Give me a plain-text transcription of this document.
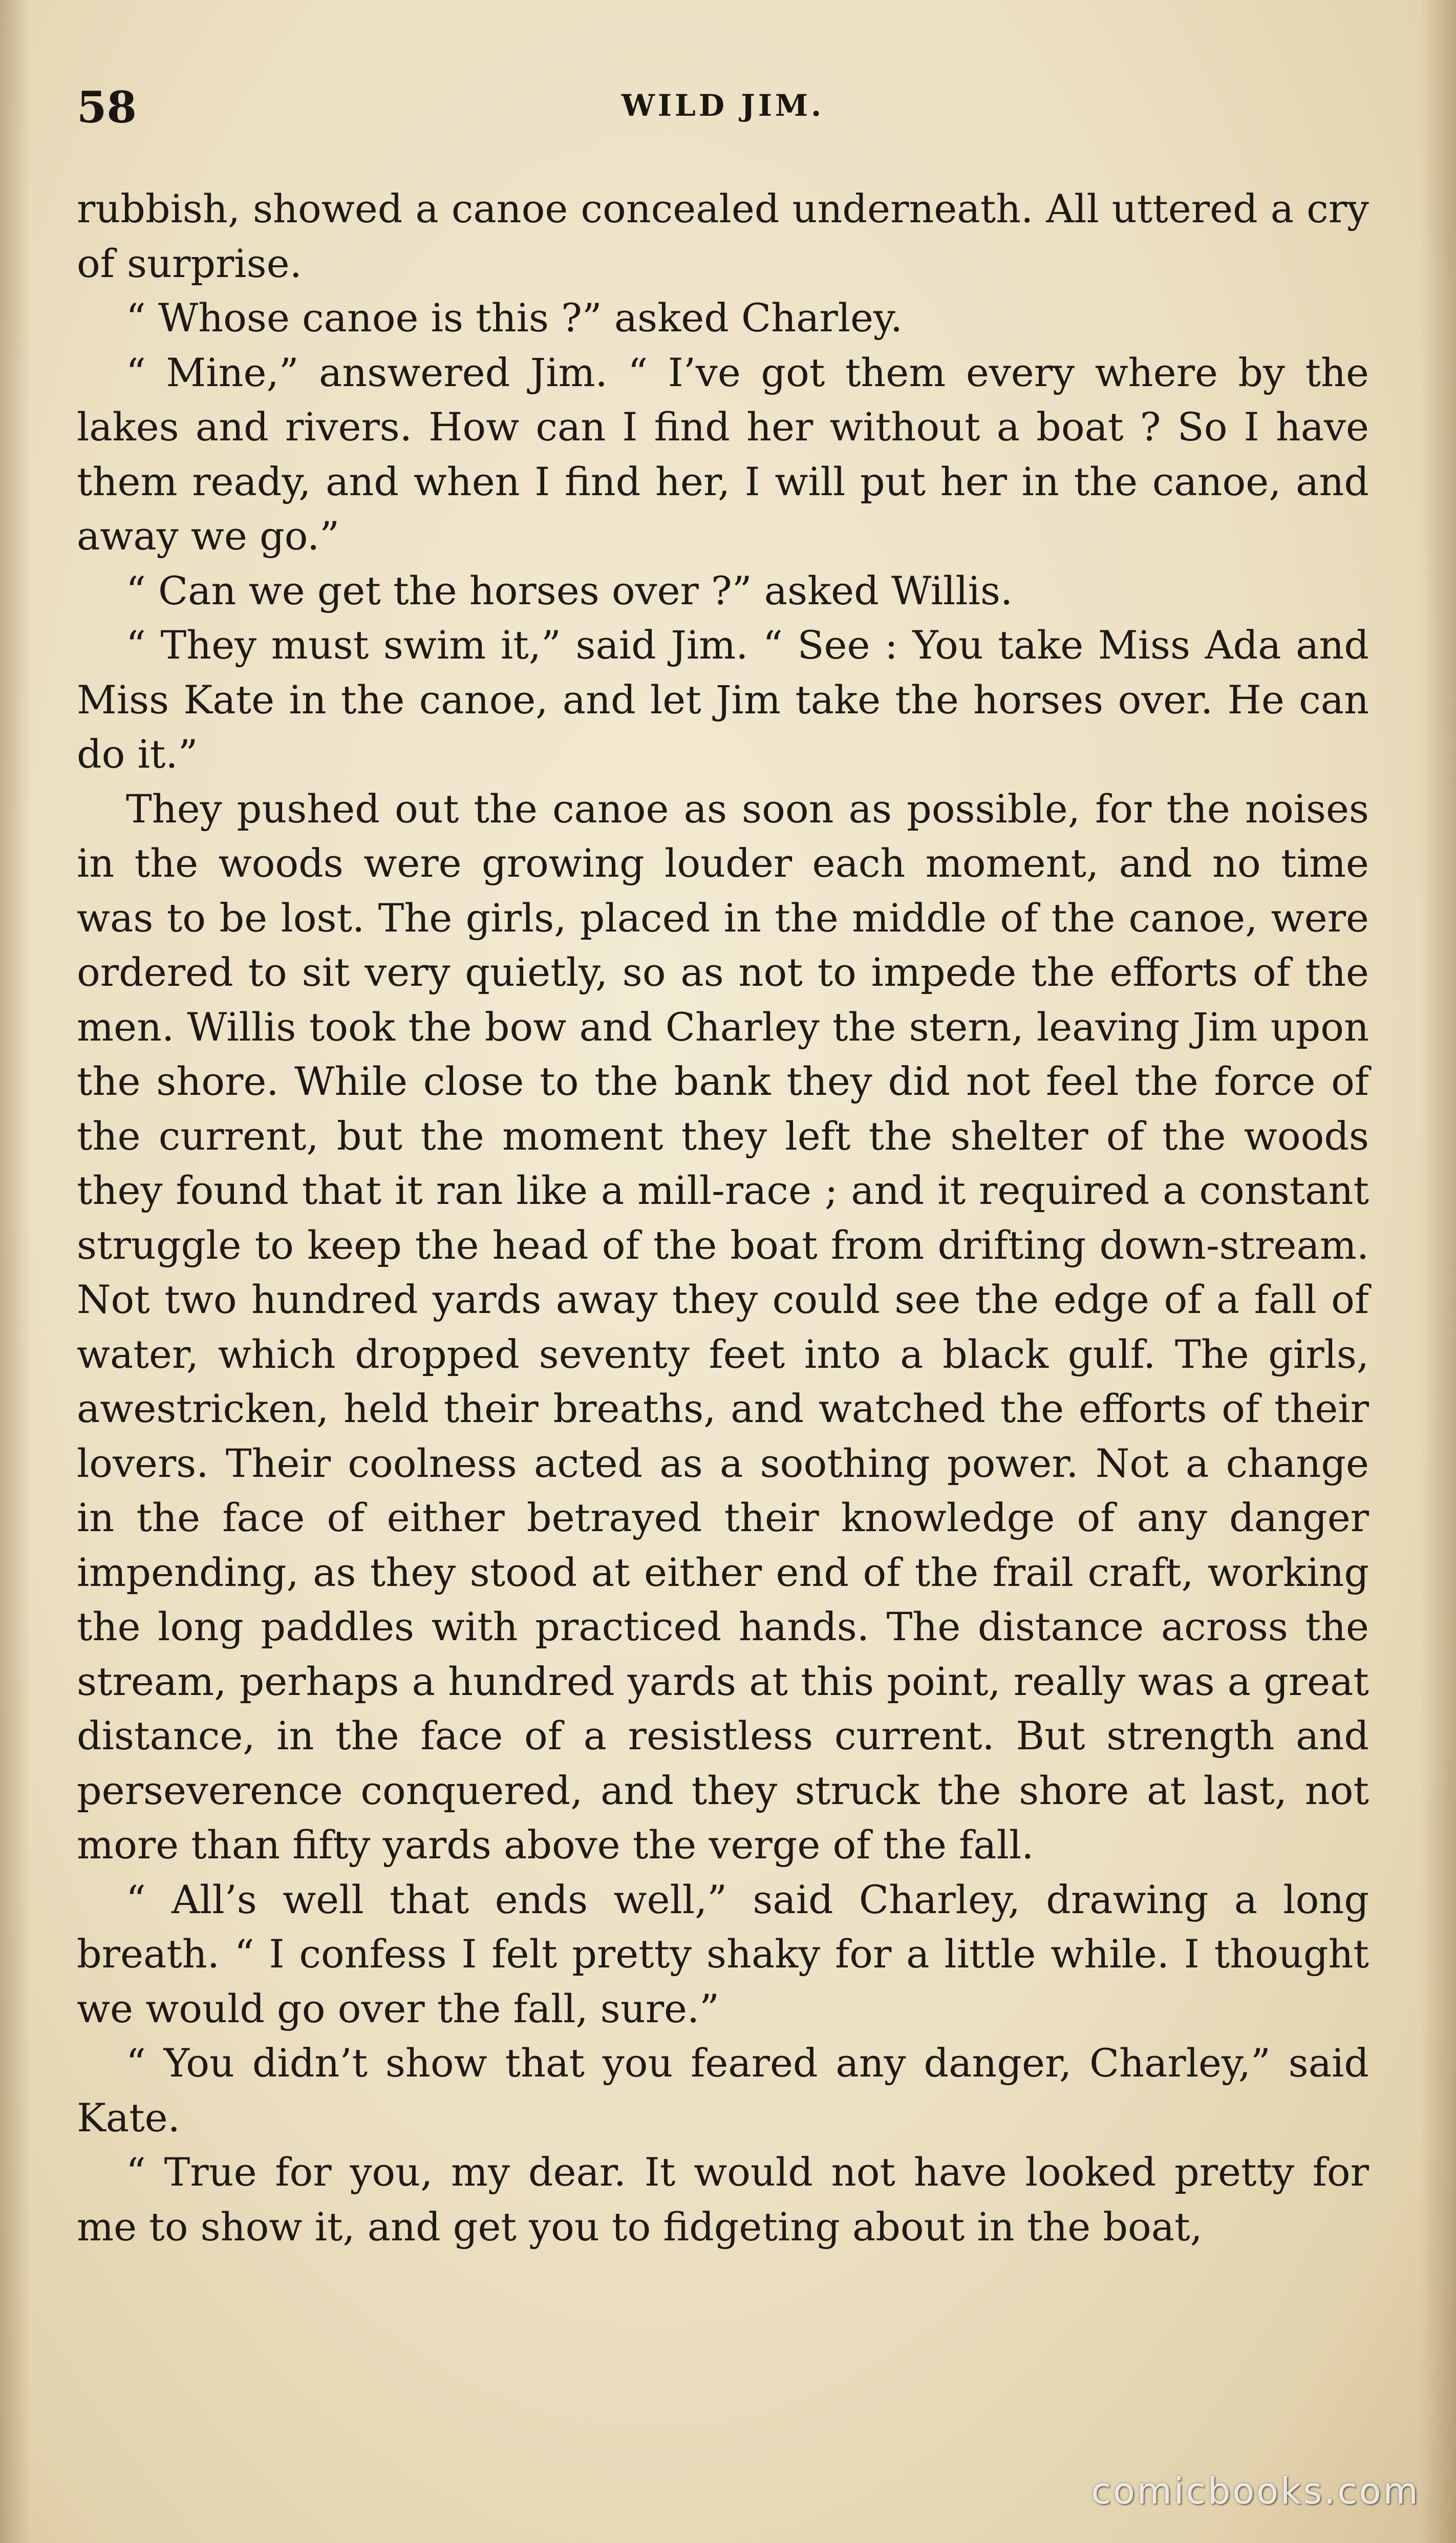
58	WILD JIM.

rubbish, showed a canoe concealed underneath. All uttered a cry of surprise.

“ Whose canoe is this ?” asked Charley.

“ Mine,” answered Jim. “ I’ve got them every where by the lakes and rivers. How can I find her without a boat ? So I have them ready, and when I find her, I will put her in the canoe, and away we go.”

“ Can we get the horses over ?” asked Willis.

“ They must swim it,” said Jim. “ See : You take Miss Ada and Miss Kate in the canoe, and let Jim take the horses over. He can do it.”

They pushed out the canoe as soon as possible, for the noises in the woods were growing louder each moment, and no time was to be lost. The girls, placed in the middle of the canoe, were ordered to sit very quietly, so as not to impede the efforts of the men. Willis took the bow and Charley the stern, leaving Jim upon the shore. While close to the bank they did not feel the force of the current, but the moment they left the shelter of the woods they found that it ran like a mill-race ; and it required a constant struggle to keep the head of the boat from drifting down-stream. Not two hundred yards away they could see the edge of a fall of water, which dropped seventy feet into a black gulf. The girls, awestricken, held their breaths, and watched the efforts of their lovers. Their coolness acted as a soothing power. Not a change in the face of either betrayed their knowledge of any danger impending, as they stood at either end of the frail craft, working the long paddles with practiced hands. The distance across the stream, perhaps a hundred yards at this point, really was a great distance, in the face of a resistless current. But strength and perseverence conquered, and they struck the shore at last, not more than fifty yards above the verge of the fall.

“ All’s well that ends well,” said Charley, drawing a long breath. “ I confess I felt pretty shaky for a little while. I thought we would go over the fall, sure.”

“ You didn’t show that you feared any danger, Charley,” said Kate.

“ True for you, my dear. It would not have looked pretty for me to show it, and get you to fidgeting about in the boat,

comicbooks.com
